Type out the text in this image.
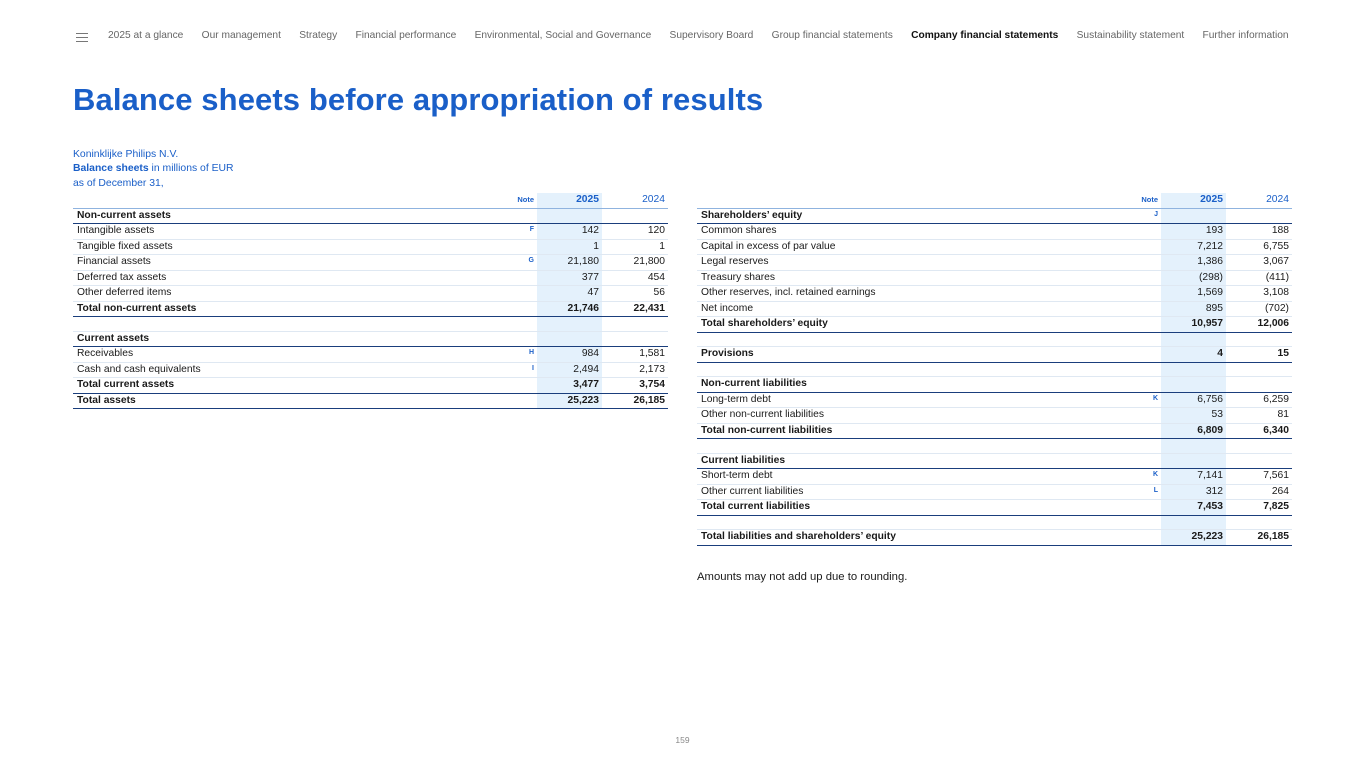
2025 at a glance Our management Strategy Financial performance Environmental, Social and Governance Supervisory Board Group financial statements Company financial statements Sustainability statement Further information
Balance sheets before appropriation of results
Koninklijke Philips N.V.
Balance sheets in millions of EUR
as of December 31,
	Note	2025	2024
Non-current assets			
Intangible assets	F	142	120
Tangible fixed assets		1	1
Financial assets	G	21,180	21,800
Deferred tax assets		377	454
Other deferred items		47	56
Total non-current assets		21,746	22,431

Current assets			
Receivables	H	984	1,581
Cash and cash equivalents	I	2,494	2,173
Total current assets		3,477	3,754
Total assets		25,223	26,185
	Note	2025	2024
Shareholders’ equity	J		
Common shares		193	188
Capital in excess of par value		7,212	6,755
Legal reserves		1,386	3,067
Treasury shares		(298)	(411)
Other reserves, incl. retained earnings		1,569	3,108
Net income		895	(702)
Total shareholders’ equity		10,957	12,006

Provisions		4	15

Non-current liabilities			
Long-term debt	K	6,756	6,259
Other non-current liabilities		53	81
Total non-current liabilities		6,809	6,340

Current liabilities			
Short-term debt	K	7,141	7,561
Other current liabilities	L	312	264
Total current liabilities		7,453	7,825

Total liabilities and shareholders’ equity		25,223	26,185
Amounts may not add up due to rounding.
159
